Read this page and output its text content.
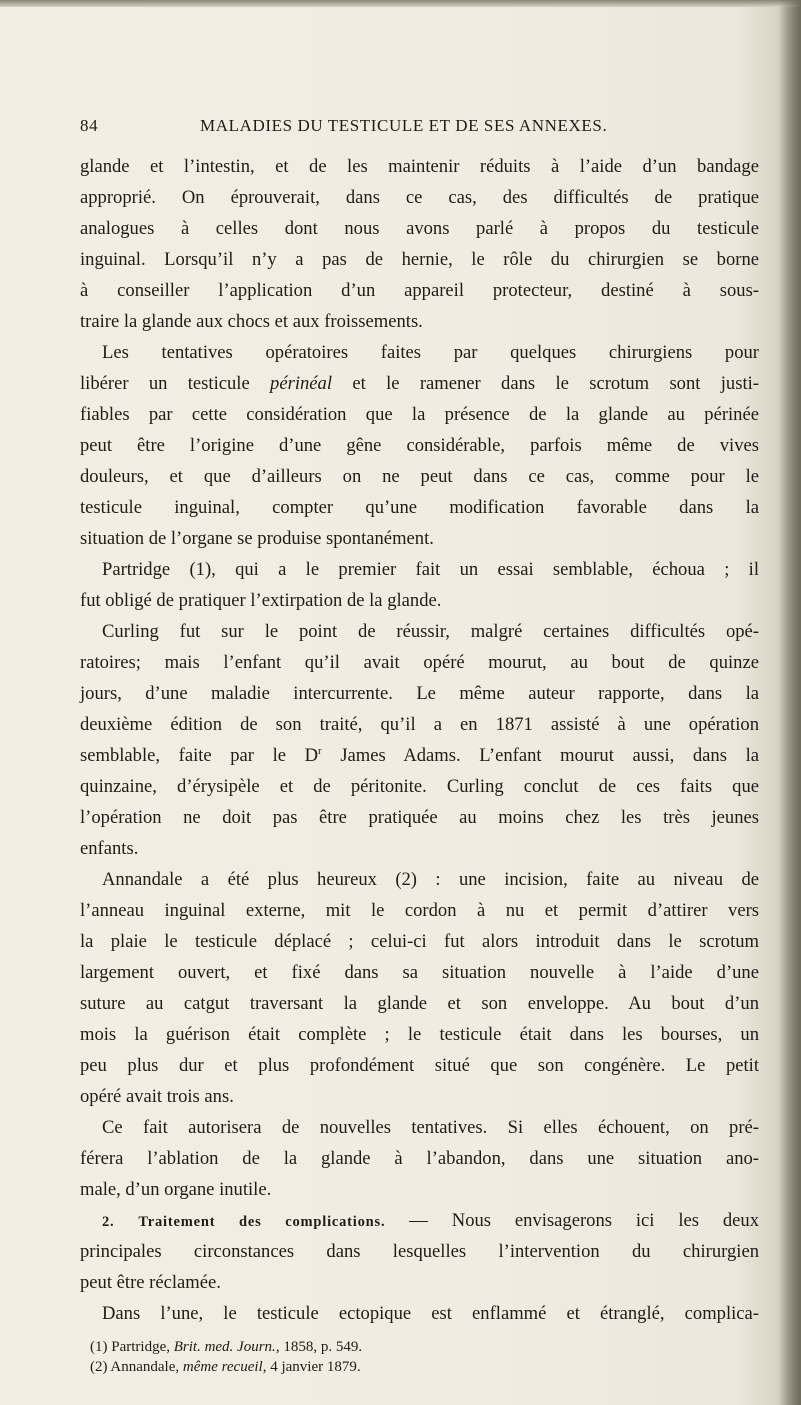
84	MALADIES DU TESTICULE ET DE SES ANNEXES.
glande et l’intestin, et de les maintenir réduits à l’aide d’un bandage
approprié. On éprouverait, dans ce cas, des difficultés de pratique
analogues à celles dont nous avons parlé à propos du testicule
inguinal. Lorsqu’il n’y a pas de hernie, le rôle du chirurgien se borne
à conseiller l’application d’un appareil protecteur, destiné à sous-
traire la glande aux chocs et aux froissements.
Les tentatives opératoires faites par quelques chirurgiens pour
libérer un testicule périnéal et le ramener dans le scrotum sont justi-
fiables par cette considération que la présence de la glande au périnée
peut être l’origine d’une gêne considérable, parfois même de vives
douleurs, et que d’ailleurs on ne peut dans ce cas, comme pour le
testicule inguinal, compter qu’une modification favorable dans la
situation de l’organe se produise spontanément.
Partridge (1), qui a le premier fait un essai semblable, échoua ; il
fut obligé de pratiquer l’extirpation de la glande.
Curling fut sur le point de réussir, malgré certaines difficultés opé-
ratoires; mais l’enfant qu’il avait opéré mourut, au bout de quinze
jours, d’une maladie intercurrente. Le même auteur rapporte, dans la
deuxième édition de son traité, qu’il a en 1871 assisté à une opération
semblable, faite par le $D^r$ James Adams. L’enfant mourut aussi, dans la
quinzaine, d’érysipèle et de péritonite. Curling conclut de ces faits que
l’opération ne doit pas être pratiquée au moins chez les très jeunes
enfants.
Annandale a été plus heureux (2) : une incision, faite au niveau de
l’anneau inguinal externe, mit le cordon à nu et permit d’attirer vers
la plaie le testicule déplacé ; celui-ci fut alors introduit dans le scrotum
largement ouvert, et fixé dans sa situation nouvelle à l’aide d’une
suture au catgut traversant la glande et son enveloppe. Au bout d’un
mois la guérison était complète ; le testicule était dans les bourses, un
peu plus dur et plus profondément situé que son congénère. Le petit
opéré avait trois ans.
Ce fait autorisera de nouvelles tentatives. Si elles échouent, on pré-
férera l’ablation de la glande à l’abandon, dans une situation ano-
male, d’un organe inutile.
2. Traitement des complications. — Nous envisagerons ici les deux
principales circonstances dans lesquelles l’intervention du chirurgien
peut être réclamée.
Dans l’une, le testicule ectopique est enflammé et étranglé, complica-
(1) Partridge, Brit. med. Journ., 1858, p. 549.
(2) Annandale, même recueil, 4 janvier 1879.
